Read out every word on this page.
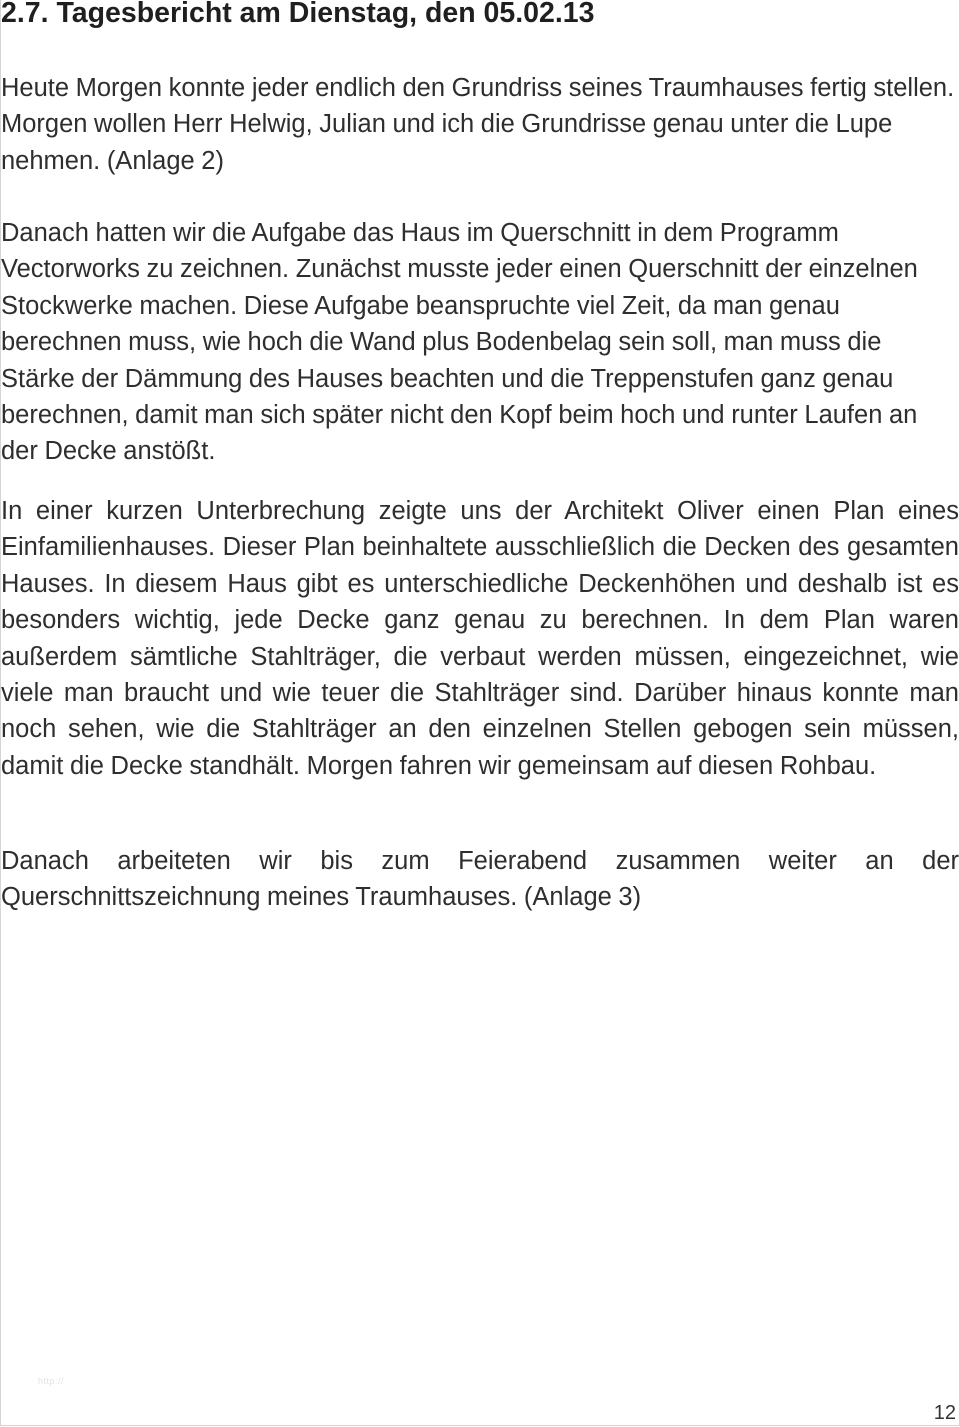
2.7. Tagesbericht am Dienstag, den 05.02.13

Heute Morgen konnte jeder endlich den Grundriss seines Traumhauses fertig stellen. Morgen wollen Herr Helwig, Julian und ich die Grundrisse genau unter die Lupe nehmen. (Anlage 2)

Danach hatten wir die Aufgabe das Haus im Querschnitt in dem Programm Vectorworks zu zeichnen. Zunächst musste jeder einen Querschnitt der einzelnen Stockwerke machen. Diese Aufgabe beanspruchte viel Zeit, da man genau berechnen muss, wie hoch die Wand plus Bodenbelag sein soll, man muss die Stärke der Dämmung des Hauses beachten und die Treppenstufen ganz genau berechnen, damit man sich später nicht den Kopf beim hoch und runter Laufen an der Decke anstößt.

In einer kurzen Unterbrechung zeigte uns der Architekt Oliver einen Plan eines Einfamilienhauses. Dieser Plan beinhaltete ausschließlich die Decken des gesamten Hauses. In diesem Haus gibt es unterschiedliche Deckenhöhen und deshalb ist es besonders wichtig, jede Decke ganz genau zu berechnen. In dem Plan waren außerdem sämtliche Stahlträger, die verbaut werden müssen, eingezeichnet, wie viele man braucht und wie teuer die Stahlträger sind. Darüber hinaus konnte man noch sehen, wie die Stahlträger an den einzelnen Stellen gebogen sein müssen, damit die Decke standhält. Morgen fahren wir gemeinsam auf diesen Rohbau.

Danach arbeiteten wir bis zum Feierabend zusammen weiter an der Querschnittszeichnung meines Traumhauses. (Anlage 3)

http://
12
